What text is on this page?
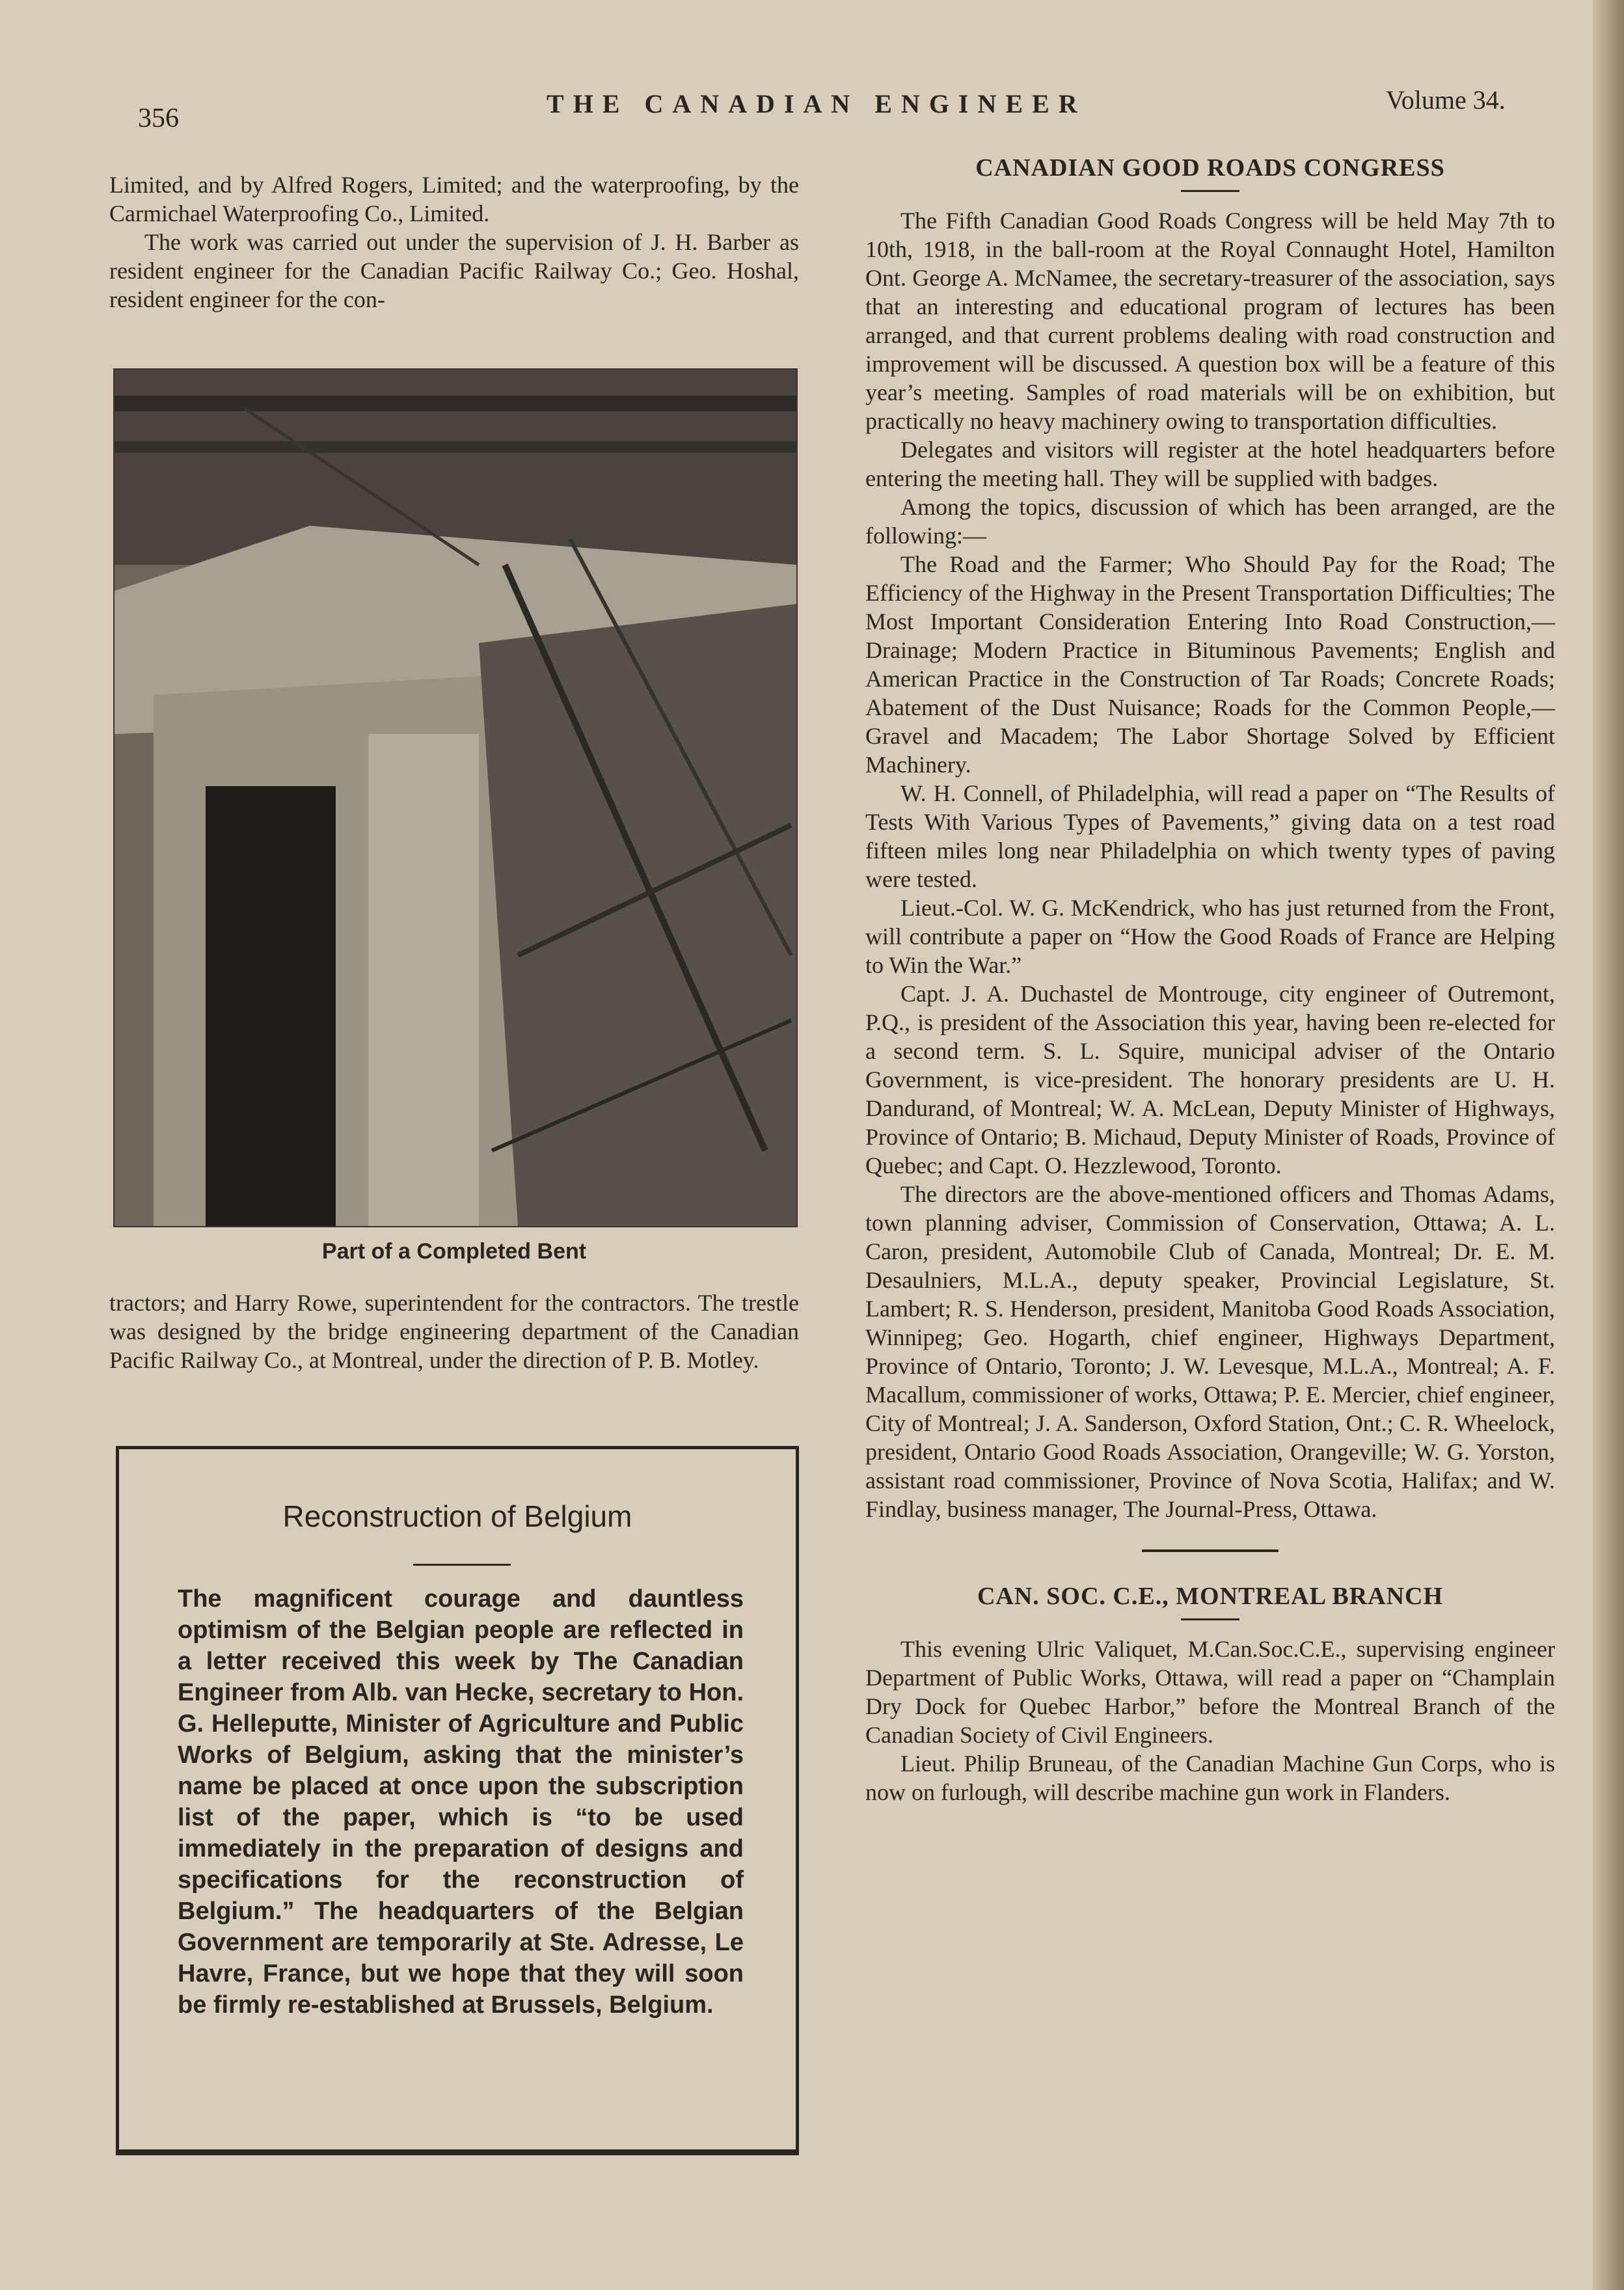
356	THE CANADIAN ENGINEER	Volume 34.

Limited, and by Alfred Rogers, Limited; and the waterproofing, by the Carmichael Waterproofing Co., Limited.

The work was carried out under the supervision of J. H. Barber as resident engineer for the Canadian Pacific Railway Co.; Geo. Hoshal, resident engineer for the con-

Part of a Completed Bent

tractors; and Harry Rowe, superintendent for the contractors. The trestle was designed by the bridge engineering department of the Canadian Pacific Railway Co., at Montreal, under the direction of P. B. Motley.

Reconstruction of Belgium
The magnificent courage and dauntless optimism of the Belgian people are reflected in a letter received this week by The Canadian Engineer from Alb. van Hecke, secretary to Hon. G. Helleputte, Minister of Agriculture and Public Works of Belgium, asking that the minister’s name be placed at once upon the subscription list of the paper, which is “to be used immediately in the preparation of designs and specifications for the reconstruction of Belgium.” The headquarters of the Belgian Government are temporarily at Ste. Adresse, Le Havre, France, but we hope that they will soon be firmly re-established at Brussels, Belgium.
CANADIAN GOOD ROADS CONGRESS

The Fifth Canadian Good Roads Congress will be held May 7th to 10th, 1918, in the ball-room at the Royal Connaught Hotel, Hamilton Ont. George A. McNamee, the secretary-treasurer of the association, says that an interesting and educational program of lectures has been arranged, and that current problems dealing with road construction and improvement will be discussed. A question box will be a feature of this year’s meeting. Samples of road materials will be on exhibition, but practically no heavy machinery owing to transportation difficulties.

Delegates and visitors will register at the hotel headquarters before entering the meeting hall. They will be supplied with badges.

Among the topics, discussion of which has been arranged, are the following:—

The Road and the Farmer; Who Should Pay for the Road; The Efficiency of the Highway in the Present Transportation Difficulties; The Most Important Consideration Entering Into Road Construction,—Drainage; Modern Practice in Bituminous Pavements; English and American Practice in the Construction of Tar Roads; Concrete Roads; Abatement of the Dust Nuisance; Roads for the Common People,—Gravel and Macadem; The Labor Shortage Solved by Efficient Machinery.

W. H. Connell, of Philadelphia, will read a paper on “The Results of Tests With Various Types of Pavements,” giving data on a test road fifteen miles long near Philadelphia on which twenty types of paving were tested.

Lieut.-Col. W. G. McKendrick, who has just returned from the Front, will contribute a paper on “How the Good Roads of France are Helping to Win the War.”

Capt. J. A. Duchastel de Montrouge, city engineer of Outremont, P.Q., is president of the Association this year, having been re-elected for a second term. S. L. Squire, municipal adviser of the Ontario Government, is vice-president. The honorary presidents are U. H. Dandurand, of Montreal; W. A. McLean, Deputy Minister of Highways, Province of Ontario; B. Michaud, Deputy Minister of Roads, Province of Quebec; and Capt. O. Hezzlewood, Toronto.

The directors are the above-mentioned officers and Thomas Adams, town planning adviser, Commission of Conservation, Ottawa; A. L. Caron, president, Automobile Club of Canada, Montreal; Dr. E. M. Desaulniers, M.L.A., deputy speaker, Provincial Legislature, St. Lambert; R. S. Henderson, president, Manitoba Good Roads Association, Winnipeg; Geo. Hogarth, chief engineer, Highways Department, Province of Ontario, Toronto; J. W. Levesque, M.L.A., Montreal; A. F. Macallum, commissioner of works, Ottawa; P. E. Mercier, chief engineer, City of Montreal; J. A. Sanderson, Oxford Station, Ont.; C. R. Wheelock, president, Ontario Good Roads Association, Orangeville; W. G. Yorston, assistant road commissioner, Province of Nova Scotia, Halifax; and W. Findlay, business manager, The Journal-Press, Ottawa.

CAN. SOC. C.E., MONTREAL BRANCH

This evening Ulric Valiquet, M.Can.Soc.C.E., supervising engineer Department of Public Works, Ottawa, will read a paper on “Champlain Dry Dock for Quebec Harbor,” before the Montreal Branch of the Canadian Society of Civil Engineers.

Lieut. Philip Bruneau, of the Canadian Machine Gun Corps, who is now on furlough, will describe machine gun work in Flanders.
